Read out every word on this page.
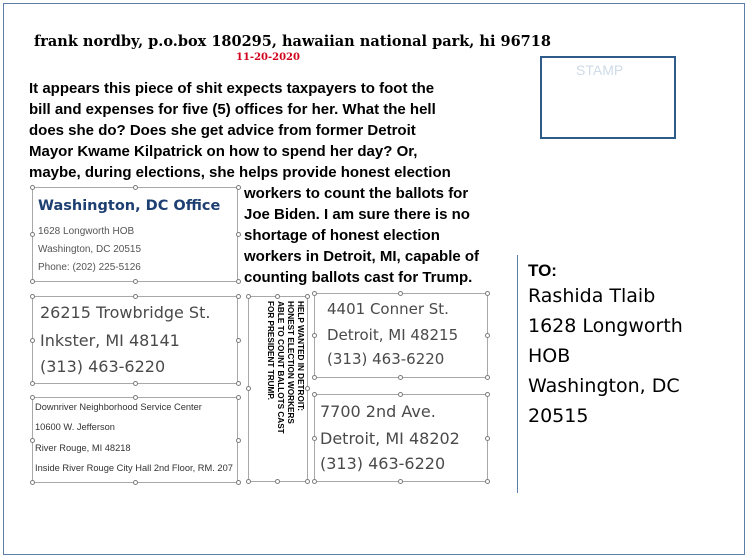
frank nordby, p.o.box 180295, hawaiian national park, hi 96718
11-20-2020
It appears this piece of shit expects taxpayers to foot the
bill and expenses for five (5) offices for her. What the hell
does she do? Does she get advice from former Detroit
Mayor Kwame Kilpatrick on how to spend her day? Or,
maybe, during elections, she helps provide honest election
workers to count the ballots for
Joe Biden. I am sure there is no
shortage of honest election
workers in Detroit, MI, capable of
counting ballots cast for Trump.
STAMP
TO:
Rashida Tlaib
1628 Longworth
HOB
Washington, DC
20515
Washington, DC Office
1628 Longworth HOB
Washington, DC 20515
Phone: (202) 225-5126
26215 Trowbridge St.
Inkster, MI 48141
(313) 463-6220	HELP WANTED IN DETROIT:
HONEST ELECTION WORKERS
ABLE TO COUNT BALLOTS CAST
FOR PRESIDENT TRUMP.	4401 Conner St.
Detroit, MI 48215
(313) 463-6220
Downriver Neighborhood Service Center
10600 W. Jefferson
River Rouge, MI 48218
Inside River Rouge City Hall 2nd Floor, RM. 207
7700 2nd Ave.
Detroit, MI 48202
(313) 463-6220
